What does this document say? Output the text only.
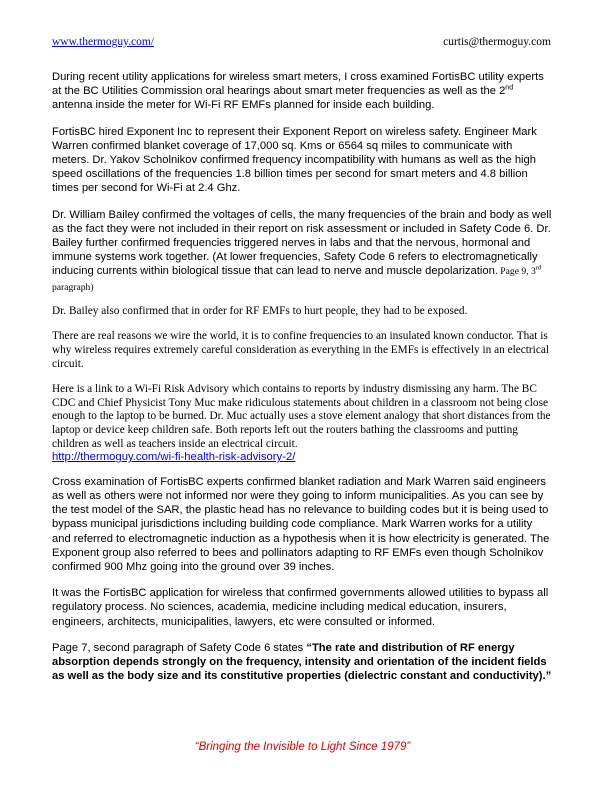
www.thermoguy.com/	curtis@thermoguy.com

During recent utility applications for wireless smart meters, I cross examined FortisBC utility experts at the BC Utilities Commission oral hearings about smart meter frequencies as well as the 2nd antenna inside the meter for Wi-Fi RF EMFs planned for inside each building.

FortisBC hired Exponent Inc to represent their Exponent Report on wireless safety. Engineer Mark Warren confirmed blanket coverage of 17,000 sq. Kms or 6564 sq miles to communicate with meters. Dr. Yakov Scholnikov confirmed frequency incompatibility with humans as well as the high speed oscillations of the frequencies 1.8 billion times per second for smart meters and 4.8 billion times per second for Wi-Fi at 2.4 Ghz.

Dr. William Bailey confirmed the voltages of cells, the many frequencies of the brain and body as well as the fact they were not included in their report on risk assessment or included in Safety Code 6. Dr. Bailey further confirmed frequencies triggered nerves in labs and that the nervous, hormonal and immune systems work together. (At lower frequencies, Safety Code 6 refers to electromagnetically inducing currents within biological tissue that can lead to nerve and muscle depolarization. Page 9, 3rd paragraph)

Dr. Bailey also confirmed that in order for RF EMFs to hurt people, they had to be exposed.

There are real reasons we wire the world, it is to confine frequencies to an insulated known conductor. That is why wireless requires extremely careful consideration as everything in the EMFs is effectively in an electrical circuit.

Here is a link to a Wi-Fi Risk Advisory which contains to reports by industry dismissing any harm. The BC CDC and Chief Physicist Tony Muc make ridiculous statements about children in a classroom not being close enough to the laptop to be burned. Dr. Muc actually uses a stove element analogy that short distances from the laptop or device keep children safe. Both reports left out the routers bathing the classrooms and putting children as well as teachers inside an electrical circuit.
http://thermoguy.com/wi-fi-health-risk-advisory-2/

Cross examination of FortisBC experts confirmed blanket radiation and Mark Warren said engineers as well as others were not informed nor were they going to inform municipalities. As you can see by the test model of the SAR, the plastic head has no relevance to building codes but it is being used to bypass municipal jurisdictions including building code compliance. Mark Warren works for a utility and referred to electromagnetic induction as a hypothesis when it is how electricity is generated. The Exponent group also referred to bees and pollinators adapting to RF EMFs even though Scholnikov confirmed 900 Mhz going into the ground over 39 inches.

It was the FortisBC application for wireless that confirmed governments allowed utilities to bypass all regulatory process. No sciences, academia, medicine including medical education, insurers, engineers, architects, municipalities, lawyers, etc were consulted or informed.

Page 7, second paragraph of Safety Code 6 states “The rate and distribution of RF energy absorption depends strongly on the frequency, intensity and orientation of the incident fields as well as the body size and its constitutive properties (dielectric constant and conductivity).”

“Bringing the Invisible to Light Since 1979”
